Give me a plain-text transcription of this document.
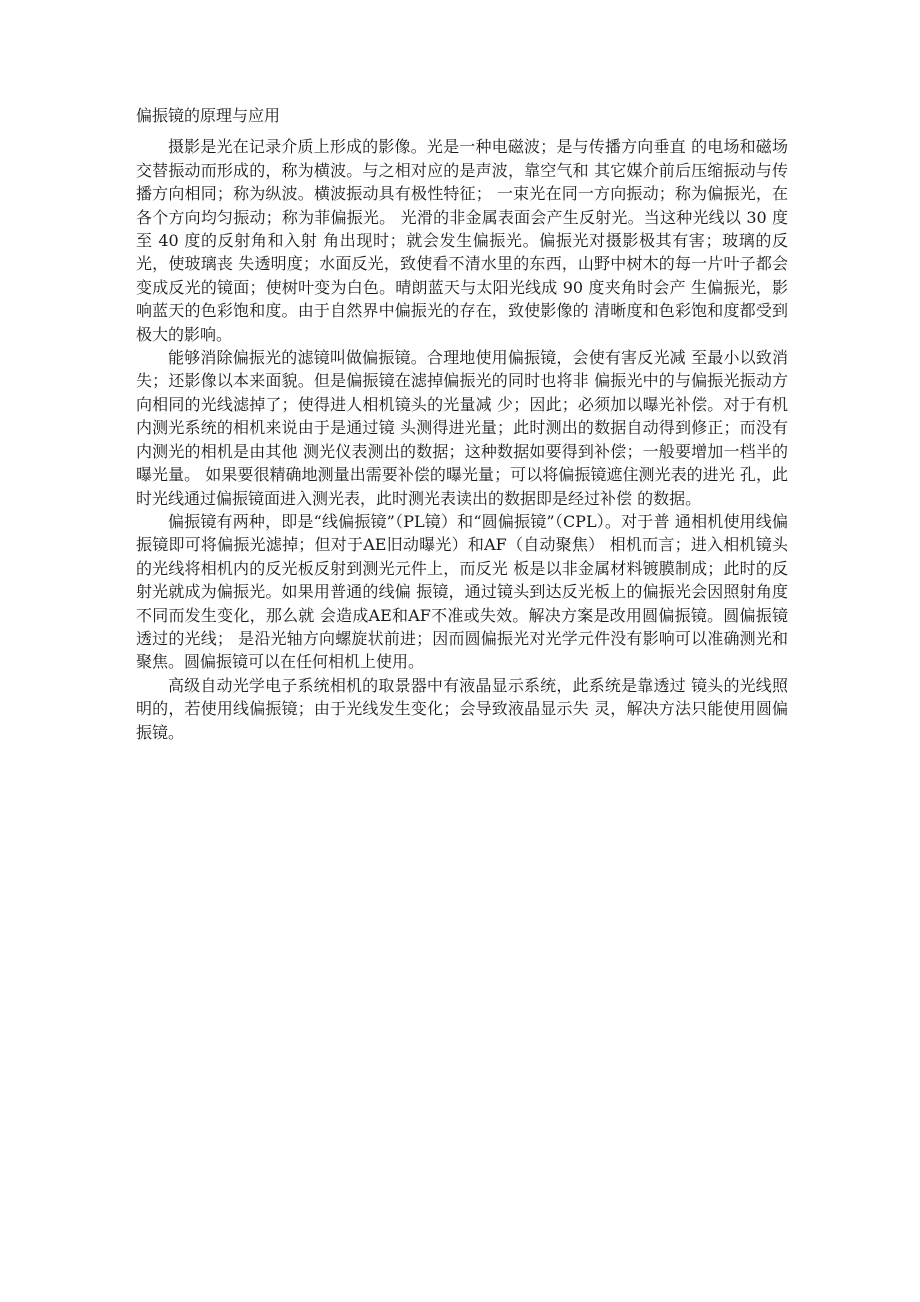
偏振镜的原理与应用

摄影是光在记录介质上形成的影像。光是一种电磁波；是与传播方向垂直 的电场和磁场交替振动而形成的，称为横波。与之相对应的是声波，靠空气和 其它媒介前后压缩振动与传播方向相同；称为纵波。横波振动具有极性特征； 一束光在同一方向振动；称为偏振光，在各个方向均匀振动；称为菲偏振光。 光滑的非金属表面会产生反射光。当这种光线以 30 度至 40 度的反射角和入射 角出现时；就会发生偏振光。偏振光对摄影极其有害；玻璃的反光，使玻璃丧 失透明度；水面反光，致使看不清水里的东西，山野中树木的每一片叶子都会 变成反光的镜面；使树叶变为白色。晴朗蓝天与太阳光线成 90 度夹角时会产 生偏振光，影响蓝天的色彩饱和度。由于自然界中偏振光的存在，致使影像的 清晰度和色彩饱和度都受到极大的影响。

能够消除偏振光的滤镜叫做偏振镜。合理地使用偏振镜，会使有害反光减 至最小以致消失；还影像以本来面貌。但是偏振镜在滤掉偏振光的同时也将非 偏振光中的与偏振光振动方向相同的光线滤掉了；使得进人相机镜头的光量减 少；因此；必须加以曝光补偿。对于有机内测光系统的相机来说由于是通过镜 头测得进光量；此时测出的数据自动得到修正；而没有内测光的相机是由其他 测光仪表测出的数据；这种数据如要得到补偿；一般要增加一档半的曝光量。 如果要很精确地测量出需要补偿的曝光量；可以将偏振镜遮住测光表的进光 孔，此时光线通过偏振镜面进入测光表，此时测光表读出的数据即是经过补偿 的数据。

偏振镜有两种，即是“线偏振镜”（PL镜）和“圆偏振镜”（CPL）。对于普 通相机使用线偏振镜即可将偏振光滤掉；但对于AE旧动曝光）和AF（自动聚焦） 相机而言；进入相机镜头的光线将相机内的反光板反射到测光元件上，而反光 板是以非金属材料镀膜制成；此时的反射光就成为偏振光。如果用普通的线偏 振镜，通过镜头到达反光板上的偏振光会因照射角度不同而发生变化，那么就 会造成AE和AF不准或失效。解决方案是改用圆偏振镜。圆偏振镜透过的光线； 是沿光轴方向螺旋状前进；因而圆偏振光对光学元件没有影响可以准确测光和 聚焦。圆偏振镜可以在任何相机上使用。

高级自动光学电子系统相机的取景器中有液晶显示系统，此系统是靠透过 镜头的光线照明的，若使用线偏振镜；由于光线发生变化；会导致液晶显示失 灵，解决方法只能使用圆偏振镜。
